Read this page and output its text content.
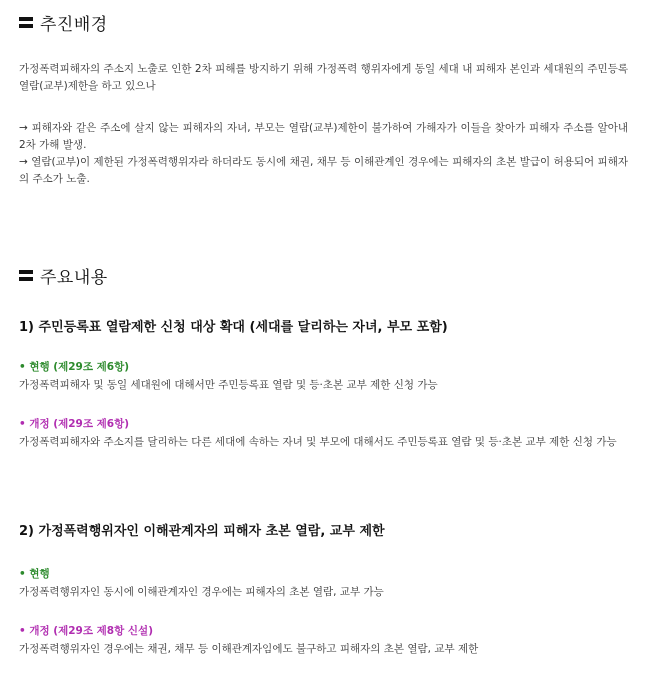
추진배경
가정폭력피해자의 주소지 노출로 인한 2차 피해를 방지하기 위해 가정폭력 행위자에게 동일 세대 내 피해자 본인과 세대원의 주민등록 열람(교부)제한을 하고 있으나
→ 피해자와 같은 주소에 살지 않는 피해자의 자녀, 부모는 열람(교부)제한이 불가하여 가해자가 이들을 찾아가 피해자 주소를 알아내 2차 가해 발생.
→ 열람(교부)이 제한된 가정폭력행위자라 하더라도 동시에 채권, 채무 등 이해관계인 경우에는 피해자의 초본 발급이 허용되어 피해자의 주소가 노출.
주요내용
1) 주민등록표 열람제한 신청 대상 확대 (세대를 달리하는 자녀, 부모 포함)
• 현행 (제29조 제6항)
가정폭력피해자 및 동일 세대원에 대해서만 주민등록표 열람 및 등·초본 교부 제한 신청 가능
• 개정 (제29조 제6항)
가정폭력피해자와 주소지를 달리하는 다른 세대에 속하는 자녀 및 부모에 대해서도 주민등록표 열람 및 등·초본 교부 제한 신청 가능
2) 가정폭력행위자인 이해관계자의 피해자 초본 열람, 교부 제한
• 현행
가정폭력행위자인 동시에 이해관계자인 경우에는 피해자의 초본 열람, 교부 가능
• 개정 (제29조 제8항 신설)
가정폭력행위자인 경우에는 채권, 채무 등 이해관계자임에도 불구하고 피해자의 초본 열람, 교부 제한
